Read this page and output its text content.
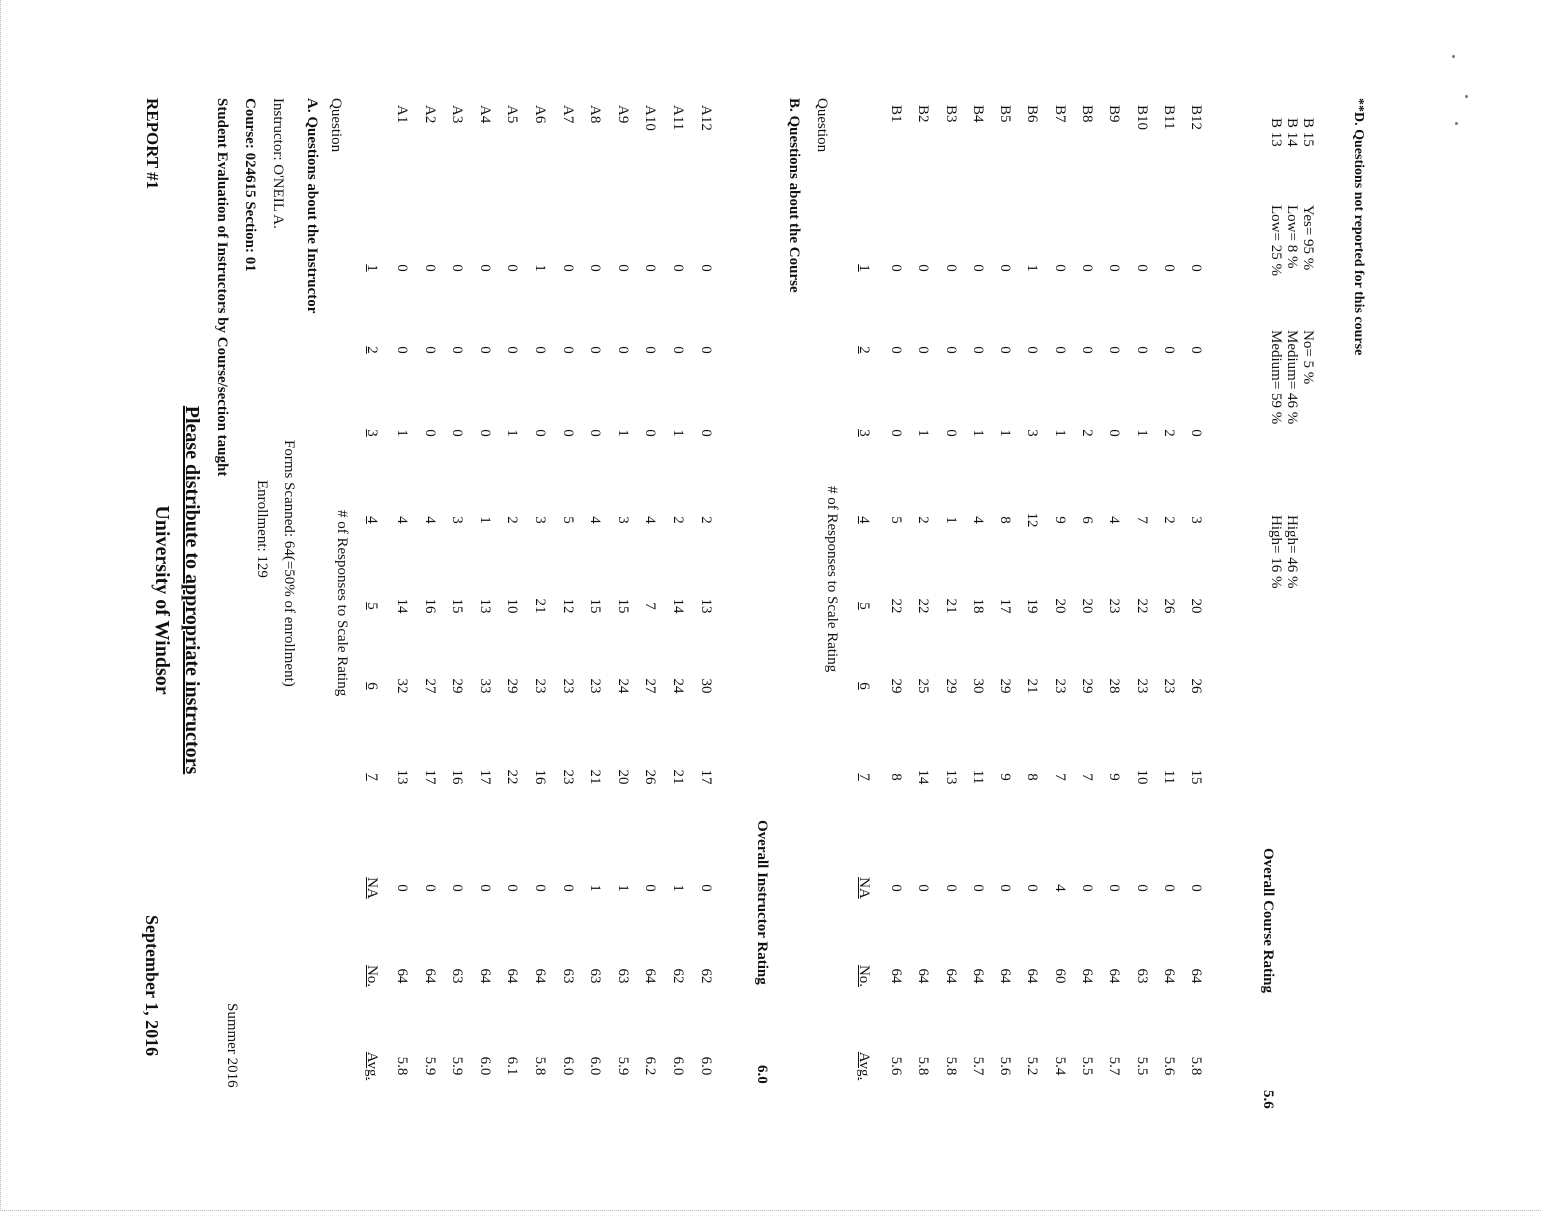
REPORT #1
University of Windsor
September 1, 2016
Please distribute to appropriate instructors
Student Evaluation of Instructors by Course/section taught
Summer 2016
Course: 024615 Section: 01
Enrollment: 129
Instructor: O'NEIL A.
Forms Scanned: 64(=50% of enrollment)
A. Questions about the Instructor Question
# of Responses to Scale Rating
1
2
3
4
5
6
7
NA
No.
Avg.
A1
0
0
1
4
14
32
13
0
64
5.8
A2
0
0
0
4
16
27
17
0
64
5.9
A3
0
0
0
3
15
29
16
0
63
5.9
A4
0
0
0
1
13
33
17
0
64
6.0
A5
0
0
1
2
10
29
22
0
64
6.1
A6
1
0
0
3
21
23
16
0
64
5.8
A7
0
0
0
5
12
23
23
0
63
6.0
A8
0
0
0
4
15
23
21
1
63
6.0
A9
0
0
1
3
15
24
20
1
63
5.9
A10
0
0
0
4
7
27
26
0
64
6.2
A11
0
0
1
2
14
24
21
1
62
6.0
A12
0
0
0
2
13
30
17
0
62
6.0
Overall Instructor Rating
6.0
B. Questions about the Course Question
# of Responses to Scale Rating
1
2
3
4
5
6
7
NA
No.
Avg.
B1
0
0
0
5
22
29
8
0
64
5.6
B2
0
0
1
2
22
25
14
0
64
5.8
B3
0
0
0
1
21
29
13
0
64
5.8
B4
0
0
1
4
18
30
11
0
64
5.7
B5
0
0
1
8
17
29
9
0
64
5.6
B6
1
0
3
12
19
21
8
0
64
5.2
B7
0
0
1
9
20
23
7
4
60
5.4
B8
0
0
2
6
20
29
7
0
64
5.5
B9
0
0
0
4
23
28
9
0
64
5.7
B10
0
0
1
7
22
23
10
0
63
5.5
B11
0
0
2
2
26
23
11
0
64
5.6
B12
0
0
0
3
20
26
15
0
64
5.8
Overall Course Rating
5.6
B 13
Low= 25 %
Medium= 59 %
High= 16 %
B 14
Low= 8 %
Medium= 46 %
High= 46 %
B 15
Yes= 95 %
No= 5 %
**D. Questions not reported for this course
